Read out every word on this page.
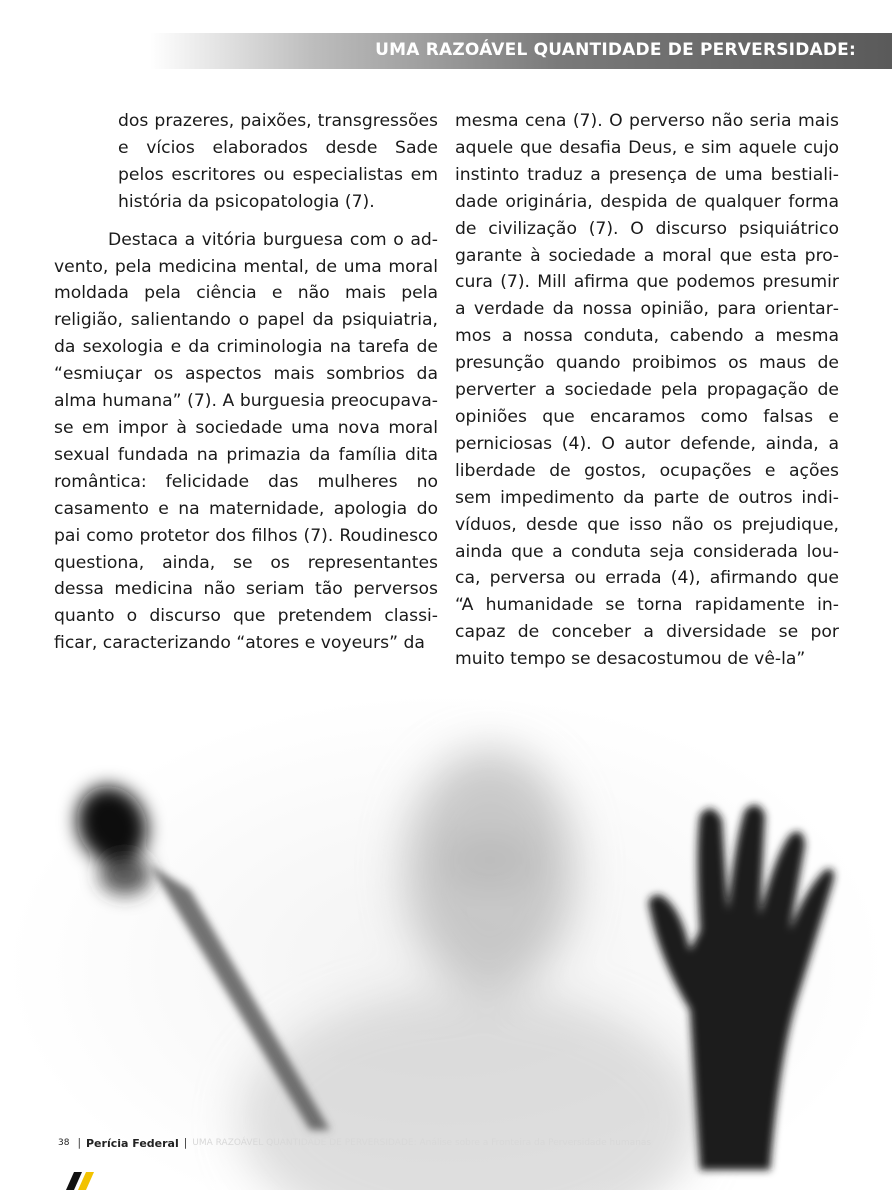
UMA RAZOÁVEL QUANTIDADE DE PERVERSIDADE:

dos prazeres, paixões, transgressões e vícios elaborados desde Sade pelos escritores ou especialistas em história da psicopatologia (7).

Destaca a vitória burguesa com o advento, pela medicina mental, de uma moral moldada pela ciência e não mais pela religião, salientando o papel da psiquiatria, da sexologia e da criminologia na tarefa de “esmiuçar os aspectos mais sombrios da alma humana” (7). A burguesia preocupava-se em impor à sociedade uma nova moral sexual fundada na primazia da família dita romântica: felicidade das mulheres no casamento e na maternidade, apologia do pai como protetor dos filhos (7). Roudinesco questiona, ainda, se os representantes dessa medicina não seriam tão perversos quanto o discurso que pretendem classificar, caracterizando “atores e voyeurs” da

mesma cena (7). O perverso não seria mais aquele que desafia Deus, e sim aquele cujo instinto traduz a presença de uma bestialidade originária, despida de qualquer forma de civilização (7). O discurso psiquiátrico garante à sociedade a moral que esta procura (7). Mill afirma que podemos presumir a verdade da nossa opinião, para orientarmos a nossa conduta, cabendo a mesma presunção quando proibimos os maus de perverter a sociedade pela propagação de opiniões que encaramos como falsas e perniciosas (4). O autor defende, ainda, a liberdade de gostos, ocupações e ações sem impedimento da parte de outros indivíduos, desde que isso não os prejudique, ainda que a conduta seja considerada louca, perversa ou errada (4), afirmando que “A humanidade se torna rapidamente incapaz de conceber a diversidade se por muito tempo se desacostumou de vê-la”

38 | Perícia Federal | UMA RAZOÁVEL QUANTIDADE DE PERVERSIDADE: Análise sobre a Fronteira da Perversidade humanas
